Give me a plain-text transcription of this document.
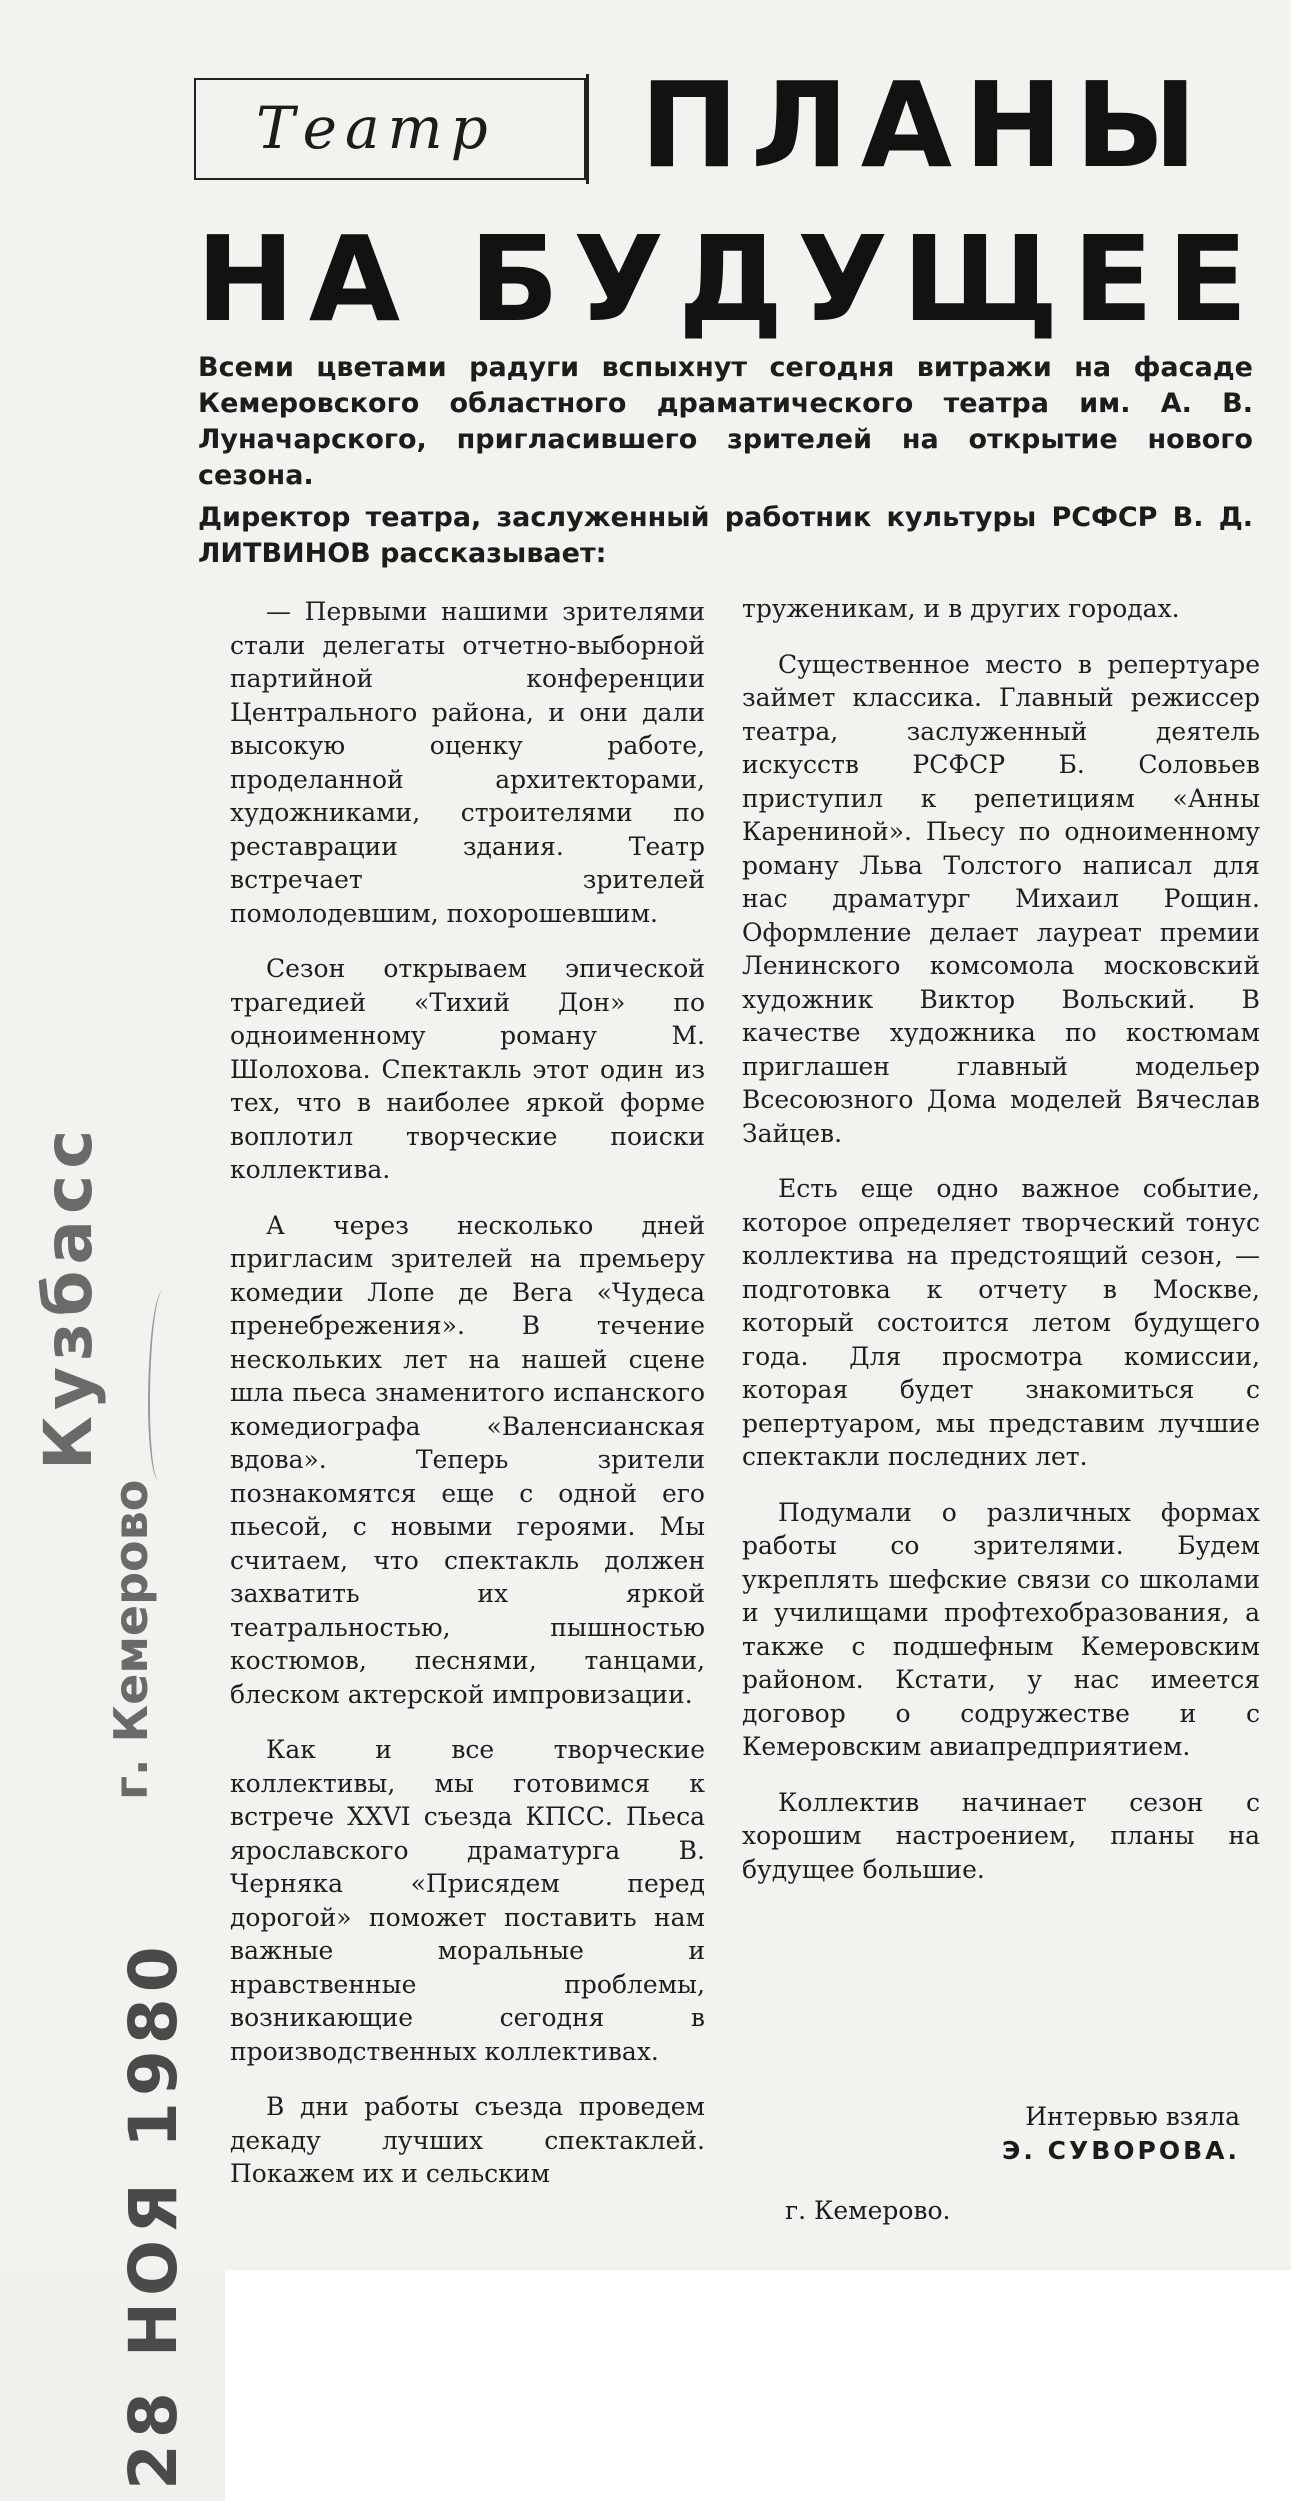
Театр	ПЛАНЫ
НА БУДУЩЕЕ

Всеми цветами радуги вспыхнут сегодня витражи на фасаде Кемеровского областного драматического театра им. А. В. Луначарского, пригласившего зрителей на открытие нового сезона.

Директор театра, заслуженный работник культуры РСФСР В. Д. ЛИТВИНОВ рассказывает:

— Первыми нашими зрителями стали делегаты отчетно-выборной партийной конференции Центрального района, и они дали высокую оценку работе, проделанной архитекторами, художниками, строителями по реставрации здания. Театр встречает зрителей помолодевшим, похорошевшим.

Сезон открываем эпической трагедией «Тихий Дон» по одноименному роману М. Шолохова. Спектакль этот один из тех, что в наиболее яркой форме воплотил творческие поиски коллектива.

А через несколько дней пригласим зрителей на премьеру комедии Лопе де Вега «Чудеса пренебрежения». В течение нескольких лет на нашей сцене шла пьеса знаменитого испанского комедиографа «Валенсианская вдова». Теперь зрители познакомятся еще с одной его пьесой, с новыми героями. Мы считаем, что спектакль должен захватить их яркой театральностью, пышностью костюмов, песнями, танцами, блеском актерской импровизации.

Как и все творческие коллективы, мы готовимся к встрече XXVI съезда КПСС. Пьеса ярославского драматурга В. Черняка «Присядем перед дорогой» поможет поставить нам важные моральные и нравственные проблемы, возникающие сегодня в производственных коллективах.

В дни работы съезда проведем декаду лучших спектаклей. Покажем их и сельским

труженикам, и в других городах.

Существенное место в репертуаре займет классика. Главный режиссер театра, заслуженный деятель искусств РСФСР Б. Соловьев приступил к репетициям «Анны Карениной». Пьесу по одноименному роману Льва Толстого написал для нас драматург Михаил Рощин. Оформление делает лауреат премии Ленинского комсомола московский художник Виктор Вольский. В качестве художника по костюмам приглашен главный модельер Всесоюзного Дома моделей Вячеслав Зайцев.

Есть еще одно важное событие, которое определяет творческий тонус коллектива на предстоящий сезон, — подготовка к отчету в Москве, который состоится летом будущего года. Для просмотра комиссии, которая будет знакомиться с репертуаром, мы представим лучшие спектакли последних лет.

Подумали о различных формах работы со зрителями. Будем укреплять шефские связи со школами и училищами профтехобразования, а также с подшефным Кемеровским районом. Кстати, у нас имеется договор о содружестве и с Кемеровским авиапредприятием.

Коллектив начинает сезон с хорошим настроением, планы на будущее большие.

Интервью взяла
Э. СУВОРОВА.
г. Кемерово.
Кузбасс
г. Кемерово
28 НОЯ 1980
